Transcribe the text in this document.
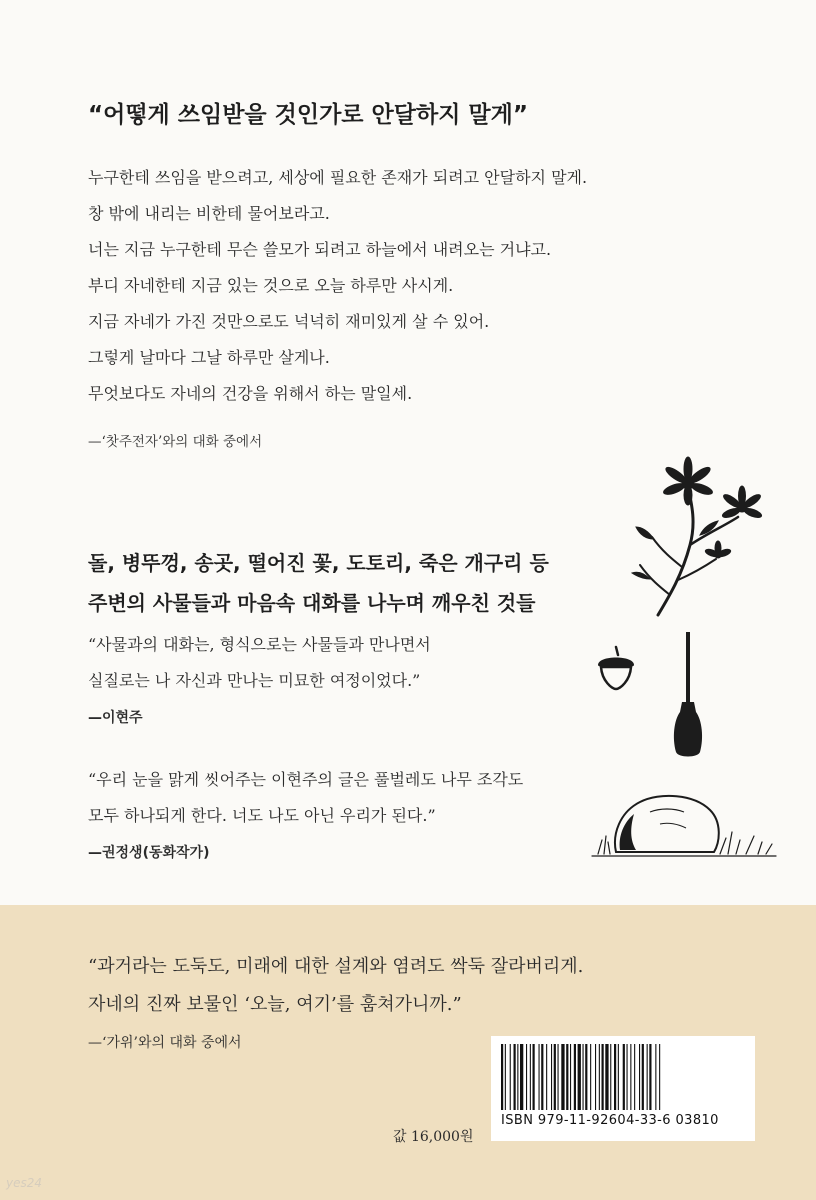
“어떻게 쓰임받을 것인가로 안달하지 말게”
누구한테 쓰임을 받으려고, 세상에 필요한 존재가 되려고 안달하지 말게.
창 밖에 내리는 비한테 물어보라고.
너는 지금 누구한테 무슨 쓸모가 되려고 하늘에서 내려오는 거냐고.
부디 자네한테 지금 있는 것으로 오늘 하루만 사시게.
지금 자네가 가진 것만으로도 넉넉히 재미있게 살 수 있어.
그렇게 날마다 그날 하루만 살게나.
무엇보다도 자네의 건강을 위해서 하는 말일세.
—‘찻주전자’와의 대화 중에서
돌, 병뚜껑, 송곳, 떨어진 꽃, 도토리, 죽은 개구리 등
주변의 사물들과 마음속 대화를 나누며 깨우친 것들
“사물과의 대화는, 형식으로는 사물들과 만나면서
실질로는 나 자신과 만나는 미묘한 여정이었다.”
—이현주
“우리 눈을 맑게 씻어주는 이현주의 글은 풀벌레도 나무 조각도
모두 하나되게 한다. 너도 나도 아닌 우리가 된다.”
—권정생(동화작가)
“과거라는 도둑도, 미래에 대한 설계와 염려도 싹둑 잘라버리게.
자네의 진짜 보물인 ‘오늘, 여기’를 훔쳐가니까.”
—‘가위’와의 대화 중에서
값 16,000원
ISBN 979-11-92604-33-6 03810
yes24
